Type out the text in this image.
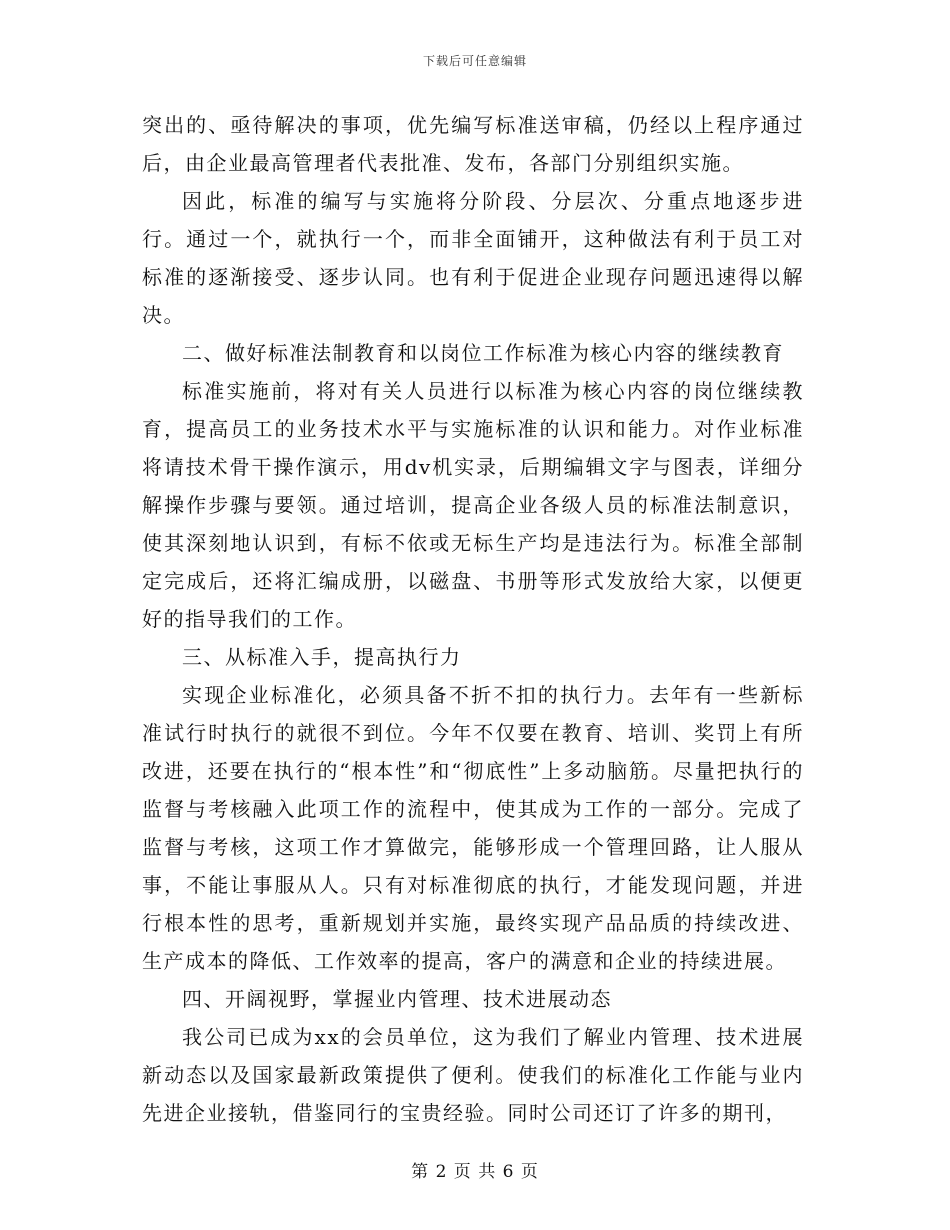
下载后可任意编辑

突出的、亟待解决的事项，优先编写标准送审稿，仍经以上程序通过后，由企业最高管理者代表批准、发布，各部门分别组织实施。

因此，标准的编写与实施将分阶段、分层次、分重点地逐步进行。通过一个，就执行一个，而非全面铺开，这种做法有利于员工对标准的逐渐接受、逐步认同。也有利于促进企业现存问题迅速得以解决。

二、做好标准法制教育和以岗位工作标准为核心内容的继续教育

标准实施前，将对有关人员进行以标准为核心内容的岗位继续教育，提高员工的业务技术水平与实施标准的认识和能力。对作业标准将请技术骨干操作演示，用dv机实录，后期编辑文字与图表，详细分解操作步骤与要领。通过培训，提高企业各级人员的标准法制意识，使其深刻地认识到，有标不依或无标生产均是违法行为。标准全部制定完成后，还将汇编成册，以磁盘、书册等形式发放给大家，以便更好的指导我们的工作。

三、从标准入手，提高执行力

实现企业标准化，必须具备不折不扣的执行力。去年有一些新标准试行时执行的就很不到位。今年不仅要在教育、培训、奖罚上有所改进，还要在执行的“根本性”和“彻底性”上多动脑筋。尽量把执行的监督与考核融入此项工作的流程中，使其成为工作的一部分。完成了监督与考核，这项工作才算做完，能够形成一个管理回路，让人服从事，不能让事服从人。只有对标准彻底的执行，才能发现问题，并进行根本性的思考，重新规划并实施，最终实现产品品质的持续改进、生产成本的降低、工作效率的提高，客户的满意和企业的持续进展。

四、开阔视野，掌握业内管理、技术进展动态

我公司已成为xx的会员单位，这为我们了解业内管理、技术进展新动态以及国家最新政策提供了便利。使我们的标准化工作能与业内先进企业接轨，借鉴同行的宝贵经验。同时公司还订了许多的期刊，

第 2 页 共 6 页
